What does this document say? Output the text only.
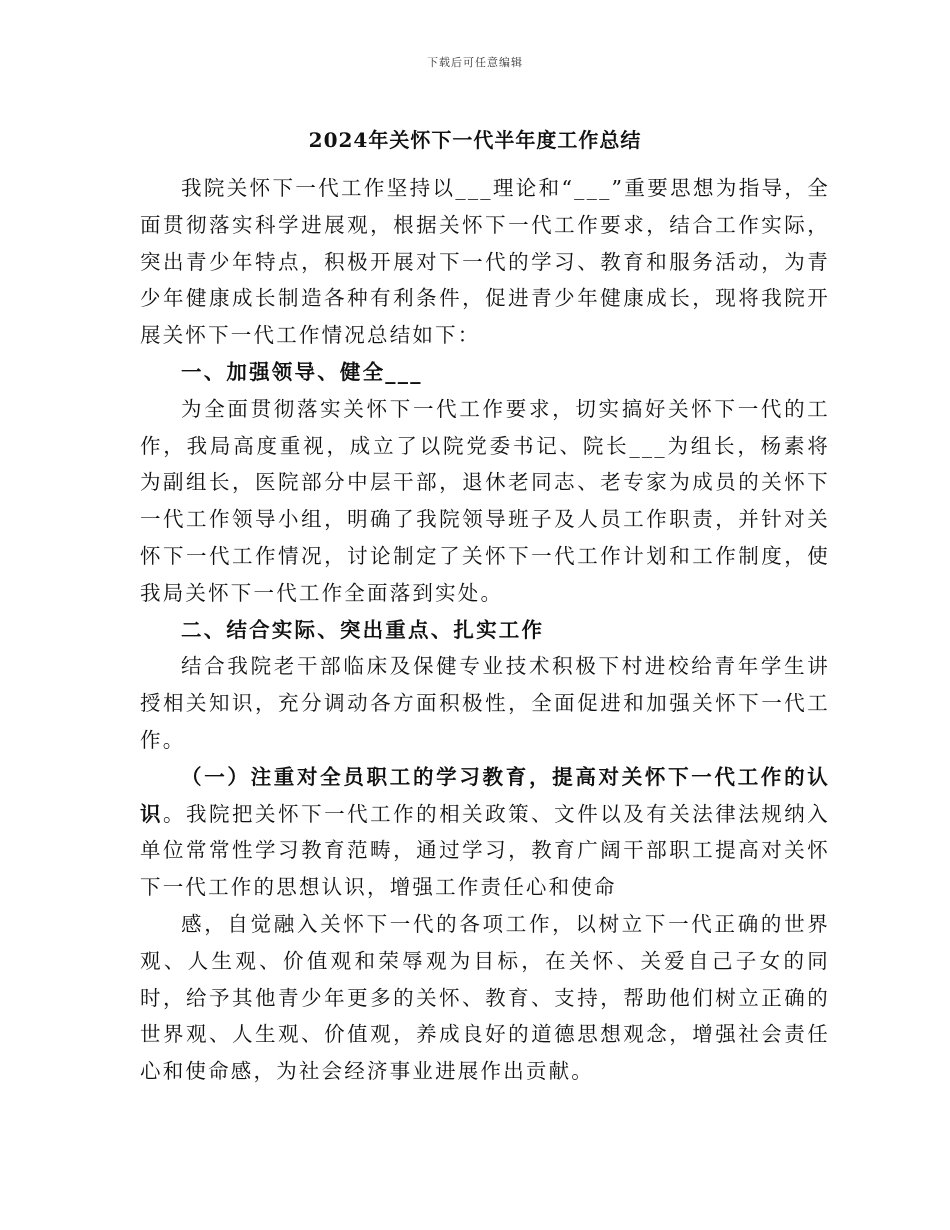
下载后可任意编辑
2024年关怀下一代半年度工作总结

我院关怀下一代工作坚持以___理论和“___”重要思想为指导，全面贯彻落实科学进展观，根据关怀下一代工作要求，结合工作实际，突出青少年特点，积极开展对下一代的学习、教育和服务活动，为青少年健康成长制造各种有利条件，促进青少年健康成长，现将我院开展关怀下一代工作情况总结如下：

一、加强领导、健全___

为全面贯彻落实关怀下一代工作要求，切实搞好关怀下一代的工作，我局高度重视，成立了以院党委书记、院长___为组长，杨素将为副组长，医院部分中层干部，退休老同志、老专家为成员的关怀下一代工作领导小组，明确了我院领导班子及人员工作职责，并针对关怀下一代工作情况，讨论制定了关怀下一代工作计划和工作制度，使我局关怀下一代工作全面落到实处。

二、结合实际、突出重点、扎实工作

结合我院老干部临床及保健专业技术积极下村进校给青年学生讲授相关知识，充分调动各方面积极性，全面促进和加强关怀下一代工作。

（一）注重对全员职工的学习教育，提高对关怀下一代工作的认识。我院把关怀下一代工作的相关政策、文件以及有关法律法规纳入单位常常性学习教育范畴，通过学习，教育广阔干部职工提高对关怀下一代工作的思想认识，增强工作责任心和使命

感，自觉融入关怀下一代的各项工作，以树立下一代正确的世界观、人生观、价值观和荣辱观为目标，在关怀、关爱自己子女的同时，给予其他青少年更多的关怀、教育、支持，帮助他们树立正确的世界观、人生观、价值观，养成良好的道德思想观念，增强社会责任心和使命感，为社会经济事业进展作出贡献。
